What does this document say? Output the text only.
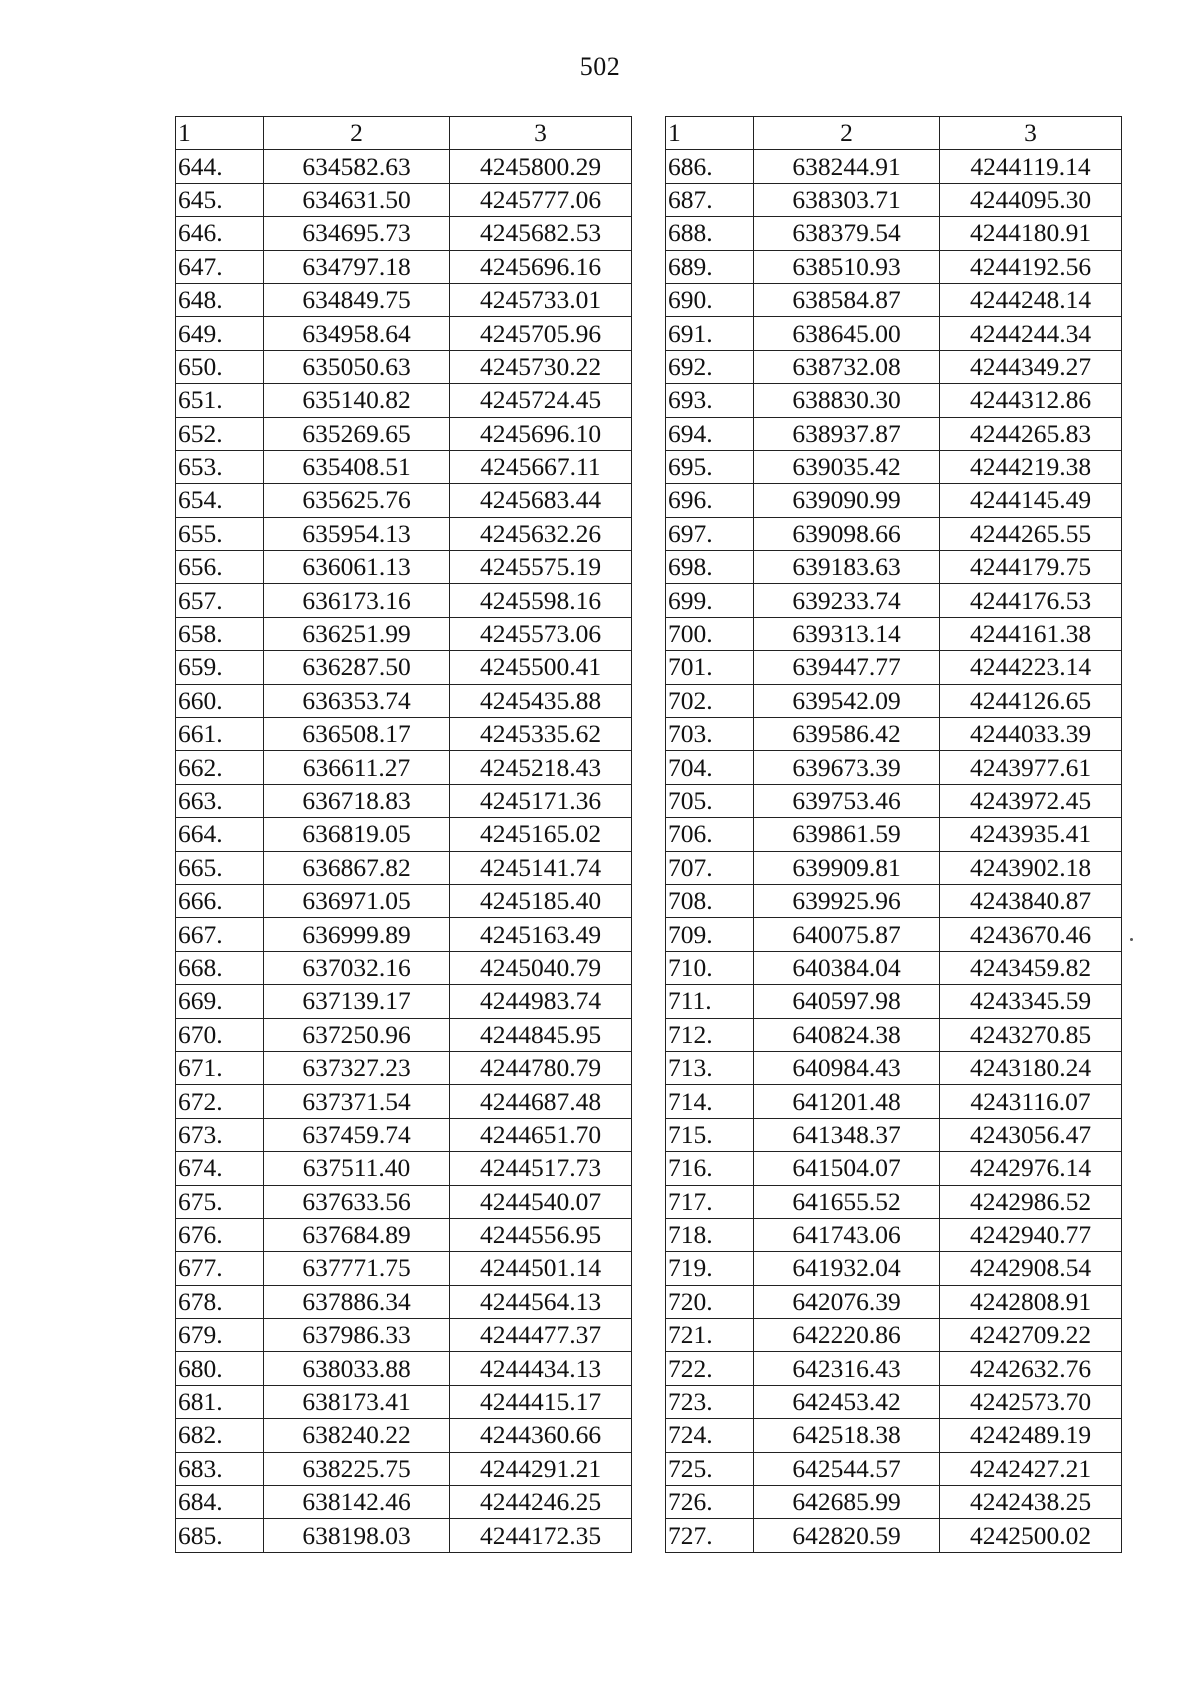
502
1	2	3
644.	634582.63	4245800.29
645.	634631.50	4245777.06
646.	634695.73	4245682.53
647.	634797.18	4245696.16
648.	634849.75	4245733.01
649.	634958.64	4245705.96
650.	635050.63	4245730.22
651.	635140.82	4245724.45
652.	635269.65	4245696.10
653.	635408.51	4245667.11
654.	635625.76	4245683.44
655.	635954.13	4245632.26
656.	636061.13	4245575.19
657.	636173.16	4245598.16
658.	636251.99	4245573.06
659.	636287.50	4245500.41
660.	636353.74	4245435.88
661.	636508.17	4245335.62
662.	636611.27	4245218.43
663.	636718.83	4245171.36
664.	636819.05	4245165.02
665.	636867.82	4245141.74
666.	636971.05	4245185.40
667.	636999.89	4245163.49
668.	637032.16	4245040.79
669.	637139.17	4244983.74
670.	637250.96	4244845.95
671.	637327.23	4244780.79
672.	637371.54	4244687.48
673.	637459.74	4244651.70
674.	637511.40	4244517.73
675.	637633.56	4244540.07
676.	637684.89	4244556.95
677.	637771.75	4244501.14
678.	637886.34	4244564.13
679.	637986.33	4244477.37
680.	638033.88	4244434.13
681.	638173.41	4244415.17
682.	638240.22	4244360.66
683.	638225.75	4244291.21
684.	638142.46	4244246.25
685.	638198.03	4244172.35
1	2	3
686.	638244.91	4244119.14
687.	638303.71	4244095.30
688.	638379.54	4244180.91
689.	638510.93	4244192.56
690.	638584.87	4244248.14
691.	638645.00	4244244.34
692.	638732.08	4244349.27
693.	638830.30	4244312.86
694.	638937.87	4244265.83
695.	639035.42	4244219.38
696.	639090.99	4244145.49
697.	639098.66	4244265.55
698.	639183.63	4244179.75
699.	639233.74	4244176.53
700.	639313.14	4244161.38
701.	639447.77	4244223.14
702.	639542.09	4244126.65
703.	639586.42	4244033.39
704.	639673.39	4243977.61
705.	639753.46	4243972.45
706.	639861.59	4243935.41
707.	639909.81	4243902.18
708.	639925.96	4243840.87
709.	640075.87	4243670.46
710.	640384.04	4243459.82
711.	640597.98	4243345.59
712.	640824.38	4243270.85
713.	640984.43	4243180.24
714.	641201.48	4243116.07
715.	641348.37	4243056.47
716.	641504.07	4242976.14
717.	641655.52	4242986.52
718.	641743.06	4242940.77
719.	641932.04	4242908.54
720.	642076.39	4242808.91
721.	642220.86	4242709.22
722.	642316.43	4242632.76
723.	642453.42	4242573.70
724.	642518.38	4242489.19
725.	642544.57	4242427.21
726.	642685.99	4242438.25
727.	642820.59	4242500.02
